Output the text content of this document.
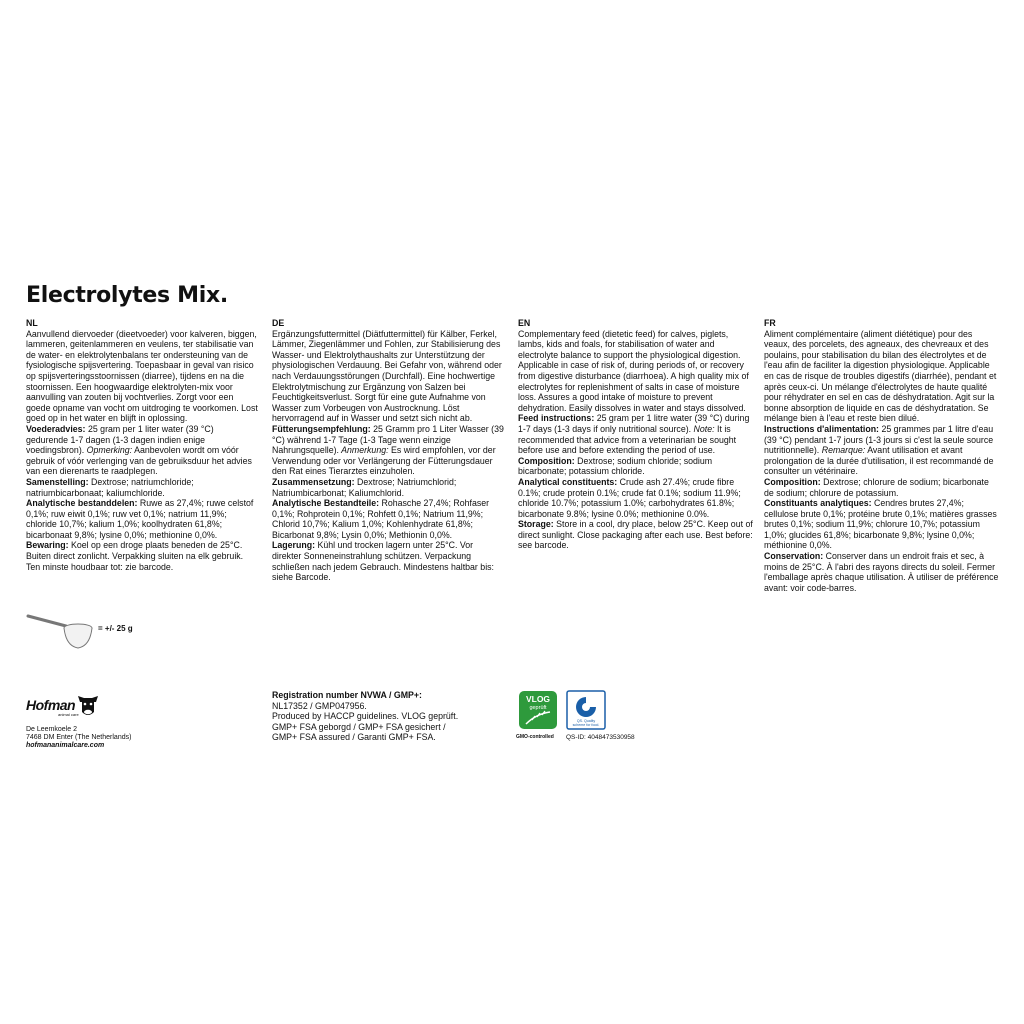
Electrolytes Mix.

NL

Aanvullend diervoeder (dieetvoeder) voor kalveren, biggen, lammeren, geitenlammeren en veulens, ter stabilisatie van de water- en elektrolytenbalans ter ondersteuning van de fysiologische spijsvertering. Toepasbaar in geval van risico op spijsverteringsstoornissen (diarree), tijdens en na die stoornissen. Een hoogwaardige elektrolyten-mix voor aanvulling van zouten bij vochtverlies. Zorgt voor een goede opname van vocht om uitdroging te voorkomen. Lost goed op in het water en blijft in oplossing.

Voederadvies: 25 gram per 1 liter water (39 °C) gedurende 1-7 dagen (1-3 dagen indien enige voedingsbron). Opmerking: Aanbevolen wordt om vóór gebruik of vóór verlenging van de gebruiksduur het advies van een dierenarts te raadplegen.

Samenstelling: Dextrose; natriumchloride; natriumbicarbonaat; kaliumchloride.

Analytische bestanddelen: Ruwe as 27,4%; ruwe celstof 0,1%; ruw eiwit 0,1%; ruw vet 0,1%; natrium 11,9%; chloride 10,7%; kalium 1,0%; koolhydraten 61,8%; bicarbonaat 9,8%; lysine 0,0%; methionine 0,0%.

Bewaring: Koel op een droge plaats beneden de 25°C. Buiten direct zonlicht. Verpakking sluiten na elk gebruik. Ten minste houdbaar tot: zie barcode.

DE

Ergänzungsfuttermittel (Diätfuttermittel) für Kälber, Ferkel, Lämmer, Ziegenlämmer und Fohlen, zur Stabilisierung des Wasser- und Elektrolythaushalts zur Unterstützung der physiologischen Verdauung. Bei Gefahr von, während oder nach Verdauungsstörungen (Durchfall). Eine hochwertige Elektrolytmischung zur Ergänzung von Salzen bei Feuchtigkeitsverlust. Sorgt für eine gute Aufnahme von Wasser zum Vorbeugen von Austrocknung. Löst hervorragend auf in Wasser und setzt sich nicht ab.

Fütterungsempfehlung: 25 Gramm pro 1 Liter Wasser (39 °C) während 1-7 Tage (1-3 Tage wenn einzige Nahrungsquelle). Anmerkung: Es wird empfohlen, vor der Verwendung oder vor Verlängerung der Fütterungsdauer den Rat eines Tierarztes einzuholen.

Zusammensetzung: Dextrose; Natriumchlorid; Natriumbicarbonat; Kaliumchlorid.

Analytische Bestandteile: Rohasche 27,4%; Rohfaser 0,1%; Rohprotein 0,1%; Rohfett 0,1%; Natrium 11,9%; Chlorid 10,7%; Kalium 1,0%; Kohlenhydrate 61,8%; Bicarbonat 9,8%; Lysin 0,0%; Methionin 0,0%.

Lagerung: Kühl und trocken lagern unter 25°C. Vor direkter Sonneneinstrahlung schützen. Verpackung schließen nach jedem Gebrauch. Mindestens haltbar bis: siehe Barcode.

EN

Complementary feed (dietetic feed) for calves, piglets, lambs, kids and foals, for stabilisation of water and electrolyte balance to support the physiological digestion. Applicable in case of risk of, during periods of, or recovery from digestive disturbance (diarrhoea). A high quality mix of electrolytes for replenishment of salts in case of moisture loss. Assures a good intake of moisture to prevent dehydration. Easily dissolves in water and stays dissolved.

Feed instructions: 25 gram per 1 litre water (39 °C) during 1-7 days (1-3 days if only nutritional source). Note: It is recommended that advice from a veterinarian be sought before use and before extending the period of use.

Composition: Dextrose; sodium chloride; sodium bicarbonate; potassium chloride.

Analytical constituents: Crude ash 27.4%; crude fibre 0.1%; crude protein 0.1%; crude fat 0.1%; sodium 11.9%; chloride 10.7%; potassium 1.0%; carbohydrates 61.8%; bicarbonate 9.8%; lysine 0.0%; methionine 0.0%.

Storage: Store in a cool, dry place, below 25°C. Keep out of direct sunlight. Close packaging after each use. Best before: see barcode.

FR

Aliment complémentaire (aliment diététique) pour des veaux, des porcelets, des agneaux, des chevreaux et des poulains, pour stabilisation du bilan des électrolytes et de l'eau afin de faciliter la digestion physiologique. Applicable en cas de risque de troubles digestifs (diarrhée), pendant et après ceux-ci. Un mélange d'électrolytes de haute qualité pour réhydrater en sel en cas de déshydratation. Agit sur la bonne absorption de liquide en cas de déshydratation. Se mélange bien à l'eau et reste bien dilué.

Instructions d'alimentation: 25 grammes par 1 litre d'eau (39 °C) pendant 1-7 jours (1-3 jours si c'est la seule source nutritionnelle). Remarque: Avant utilisation et avant prolongation de la durée d'utilisation, il est recommandé de consulter un vétérinaire.

Composition: Dextrose; chlorure de sodium; bicarbonate de sodium; chlorure de potassium.

Constituants analytiques: Cendres brutes 27,4%; cellulose brute 0,1%; protéine brute 0,1%; matières grasses brutes 0,1%; sodium 11,9%; chlorure 10,7%; potassium 1,0%; glucides 61,8%; bicarbonate 9,8%; lysine 0,0%; méthionine 0,0%.

Conservation: Conserver dans un endroit frais et sec, à moins de 25°C. À l'abri des rayons directs du soleil. Fermer l'emballage après chaque utilisation. À utiliser de préférence avant: voir code-barres.

= +/- 25 g
Hofman
animal care
De Leemkoele 2
7468 DM Enter (The Netherlands)
hofmananimalcare.com
Registration number NVWA / GMP+:
NL17352 / GMP047956.
Produced by HACCP guidelines. VLOG geprüft.
GMP+ FSA geborgd / GMP+ FSA gesichert /
GMP+ FSA assured / Garanti GMP+ FSA.
VLOG
geprüft
GMO-controlled
QS. Quality
scheme for food.
QS-ID: 4048473530958
